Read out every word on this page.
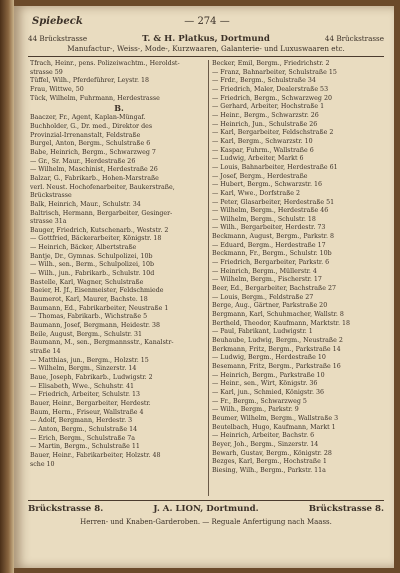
Spiebeck	— 274 —
44 Brückstrasse	T. & H. Platkus, Dortmund	44 Brückstrasse
Manufactur-, Weiss-, Mode-, Kurzwaaren, Galanterie- und Luxuswaaren etc.
Tfrach, Heinr., pens. Polizeiwachtm., Heroldst-
strasse 59
Tüffel, Wilh., Pferdeführer, Leystr. 18
Frau, Wittwe, 50
Tück, Wilhelm, Fuhrmann, Herdestrasse
B.
Baaczer, Fr., Agent, Kaplan-Müngaf.
Buchholder, G., Dr. med., Direktor des
Provinzial-Irrenanstalt, Feldstraße
Burgel, Anton, Bergm., Schulstraße 6
Babe, Heinrich, Bergm., Schwarzweg 7
— Gr., Sr. Maur., Herdestraße 26
— Wilhelm, Maschinist, Herdestraße 26
Balzar, G., Fabrikarb., Hohen-Marstraße
verl. Neust. Hochofenarbeiter, Baukerstraße,
Brückstrasse
Balk, Heinrich, Maur., Schulstr. 34
Baltrisch, Hermann, Bergarbeiter, Gesinger-
strasse 31a
Bauger, Friedrich, Kutschenarb., Weststr. 2
— Gottfried, Bäckerarbeiter, Königstr. 18
— Heinrich, Bäcker, Albertstraße
Bantje, Dr., Gymnas. Schulpolizei, 10b
— Wilh., sen., Berm., Schulpolizei, 10b
— Wilh., jun., Fabrikarb., Schulstr. 10d
Bastelle, Karl, Wagner, Schulstraße
Baeier, H. Jf., Eisenmeister, Feldschmiede
Baumerot, Karl, Maurer, Bachste. 18
Baumann, Ed., Fabrikarbeiter, Neustraße 1
— Thomas, Fabrikarb., Wichstraße 5
Baumann, Josef, Bergmann, Heidestr. 38
Beile, August, Bergm., Schulstr. 31
Baumann, M., sen., Bergmannsstr., Kanalstr-
straße 14
— Matthias, jun., Bergm., Holzstr. 15
— Wilhelm, Bergm., Sinzerstr. 14
Baue, Joseph, Fabrikarb., Ludwigstr. 2
— Elisabeth, Wwe., Schuhstr. 41
— Friedrich, Arbeiter, Schulstr. 13
Bauer, Heinr., Bergarbeiter, Herdestr.
Baum, Herm., Friseur, Wallstraße 4
— Adolf, Bergmann, Herdestr. 3
— Anton, Bergm., Schulstraße 14
— Erich, Bergm., Schulstraße 7a
— Martin, Bergm., Schulstraße 11
Bauer, Heinr., Fabrikarbeiter, Holzstr. 48
sche 10
Becker, Emil, Bergm., Friedrichstr. 2
— Franz, Bahnarbeiter, Schulstraße 15
— Frdr., Bergm., Schulstraße 34
— Friedrich, Maler, Dealerstraße 53
— Friedrich, Bergm., Schwarzweg 20
— Gerhard, Arbeiter, Hochstraße 1
— Heinr., Bergm., Schwarzstr. 26
— Heinrich, Jun., Schulstraße 26
— Karl, Bergarbeiter, Feldschstraße 2
— Karl, Bergm., Schwarzstr. 10
— Kaspar, Fuhrm., Wallstraße 6
— Ludwig, Arbeiter, Markt 6
— Louis, Bahnarbeiter, Herdestraße 61
— Josef, Bergm., Herdestraße
— Hubert, Bergm., Schwarzstr. 16
— Karl, Wwe., Dorfstraße 2
— Peter, Glasarbeiter, Herdestraße 51
— Wilhelm, Bergm., Herdestraße 46
— Wilhelm, Bergm., Schulstr. 18
— Wilh., Bergarbeiter, Herdestr. 73
Beckmann, August, Bergm., Parkstr. 8
— Eduard, Bergm., Herdestraße 17
Beckmann, Fr., Bergm., Schulstr. 10b
— Friedrich, Bergarbeiter, Parkstr. 6
— Heinrich, Bergm., Müllerstr. 4
— Wilhelm, Bergm., Fischerstr. 17
Beer, Ed., Bergarbeiter, Bachstraße 27
— Louis, Bergm., Feldstraße 27
Berge, Aug., Gärtner, Parkstraße 20
Bergmann, Karl, Schuhmacher, Wallstr. 8
Bertheld, Theodor, Kaufmann, Marktstr. 18
— Paul, Fabrikant, Ludwigstr. 1
Beuhaube, Ludwig, Bergm., Neustraße 2
Berkmann, Fritz, Bergm., Parkstraße 14
— Ludwig, Bergm., Herdestraße 10
Besemann, Fritz, Bergm., Parkstraße 16
— Heinrich, Bergm., Parkstraße 10
— Heinr., sen., Wirt, Königstr. 36
— Karl, jun., Schmied, Königstr. 36
— Fr., Bergm., Schwarzweg 5
— Wilh., Bergm., Parkstr. 9
Beumer, Wilhelm, Bergm., Wallstraße 3
Beutelbach, Hugo, Kaufmann, Markt 1
— Heinrich, Arbeiter, Bachstr. 6
Beyer, Joh., Bergm., Sinzerstr. 14
Bewarh, Gustav, Bergm., Königstr. 28
Bezges, Karl, Bergm., Hochstraße 1
Biesing, Wilh., Bergm., Parkstr. 11a
Brückstrasse 8.	J. A. LION, Dortmund.	Brückstrasse 8.
Herren- und Knaben-Garderoben. — Reguale Anfertigung nach Maass.
